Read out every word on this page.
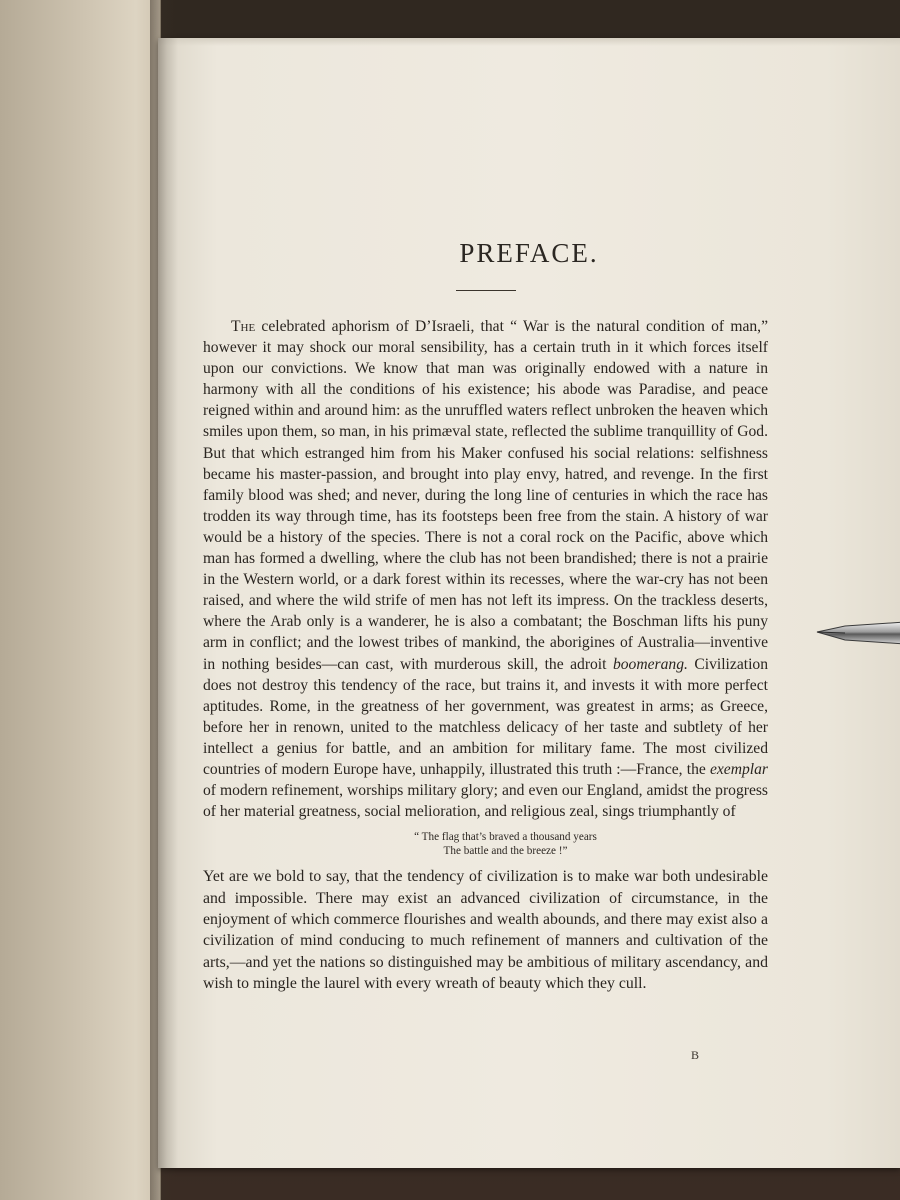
PREFACE.

The celebrated aphorism of D’Israeli, that “ War is the natural condition of man,” however it may shock our moral sensibility, has a certain truth in it which forces itself upon our convictions. We know that man was originally endowed with a nature in harmony with all the conditions of his existence; his abode was Paradise, and peace reigned within and around him: as the unruffled waters reflect unbroken the heaven which smiles upon them, so man, in his primæval state, reflected the sublime tranquillity of God. But that which estranged him from his Maker confused his social relations: selfishness became his master-passion, and brought into play envy, hatred, and revenge. In the first family blood was shed; and never, during the long line of centuries in which the race has trodden its way through time, has its footsteps been free from the stain. A history of war would be a history of the species. There is not a coral rock on the Pacific, above which man has formed a dwelling, where the club has not been brandished; there is not a prairie in the Western world, or a dark forest within its recesses, where the war-cry has not been raised, and where the wild strife of men has not left its impress. On the trackless deserts, where the Arab only is a wanderer, he is also a combatant; the Boschman lifts his puny arm in conflict; and the lowest tribes of mankind, the aborigines of Australia—inventive in nothing besides—can cast, with murderous skill, the adroit boomerang. Civilization does not destroy this tendency of the race, but trains it, and invests it with more perfect aptitudes. Rome, in the greatness of her government, was greatest in arms; as Greece, before her in renown, united to the matchless delicacy of her taste and subtlety of her intellect a genius for battle, and an ambition for military fame. The most civilized countries of modern Europe have, unhappily, illustrated this truth :—France, the exemplar of modern refinement, worships military glory; and even our England, amidst the progress of her material greatness, social melioration, and religious zeal, sings triumphantly of

“ The flag that’s braved a thousand years
The battle and the breeze !”

Yet are we bold to say, that the tendency of civilization is to make war both undesirable and impossible. There may exist an advanced civilization of circumstance, in the enjoyment of which commerce flourishes and wealth abounds, and there may exist also a civilization of mind conducing to much refinement of manners and cultivation of the arts,—and yet the nations so distinguished may be ambitious of military ascendancy, and wish to mingle the laurel with every wreath of beauty which they cull.

B
